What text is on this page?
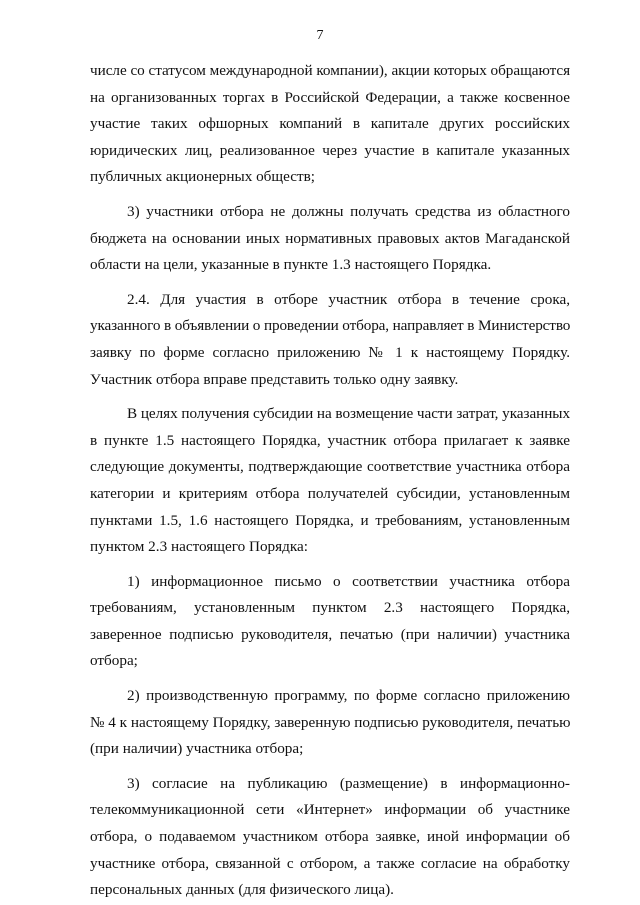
7
числе со статусом международной компании), акции которых обращаются
на организованных торгах в Российской Федерации, а также косвенное
участие таких офшорных компаний в капитале других российских
юридических лиц, реализованное через участие в капитале указанных
публичных акционерных обществ;
3) участники отбора не должны получать средства из областного
бюджета на основании иных нормативных правовых актов Магаданской
области на цели, указанные в пункте 1.3 настоящего Порядка.
2.4. Для участия в отборе участник отбора в течение срока,
указанного в объявлении о проведении отбора, направляет в Министерство
заявку по форме согласно приложению № 1 к настоящему Порядку.
Участник отбора вправе представить только одну заявку.
В целях получения субсидии на возмещение части затрат, указанных
в пункте 1.5 настоящего Порядка, участник отбора прилагает к заявке
следующие документы, подтверждающие соответствие участника отбора
категории и критериям отбора получателей субсидии, установленным
пунктами 1.5, 1.6 настоящего Порядка, и требованиям, установленным
пунктом 2.3 настоящего Порядка:
1) информационное письмо о соответствии участника отбора
требованиям, установленным пунктом 2.3 настоящего Порядка,
заверенное подписью руководителя, печатью (при наличии) участника
отбора;
2) производственную программу, по форме согласно приложению
№ 4 к настоящему Порядку, заверенную подписью руководителя, печатью
(при наличии) участника отбора;
3) согласие на публикацию (размещение) в информационно-
телекоммуникационной сети «Интернет» информации об участнике
отбора, о подаваемом участником отбора заявке, иной информации об
участнике отбора, связанной с отбором, а также согласие на обработку
персональных данных (для физического лица).
